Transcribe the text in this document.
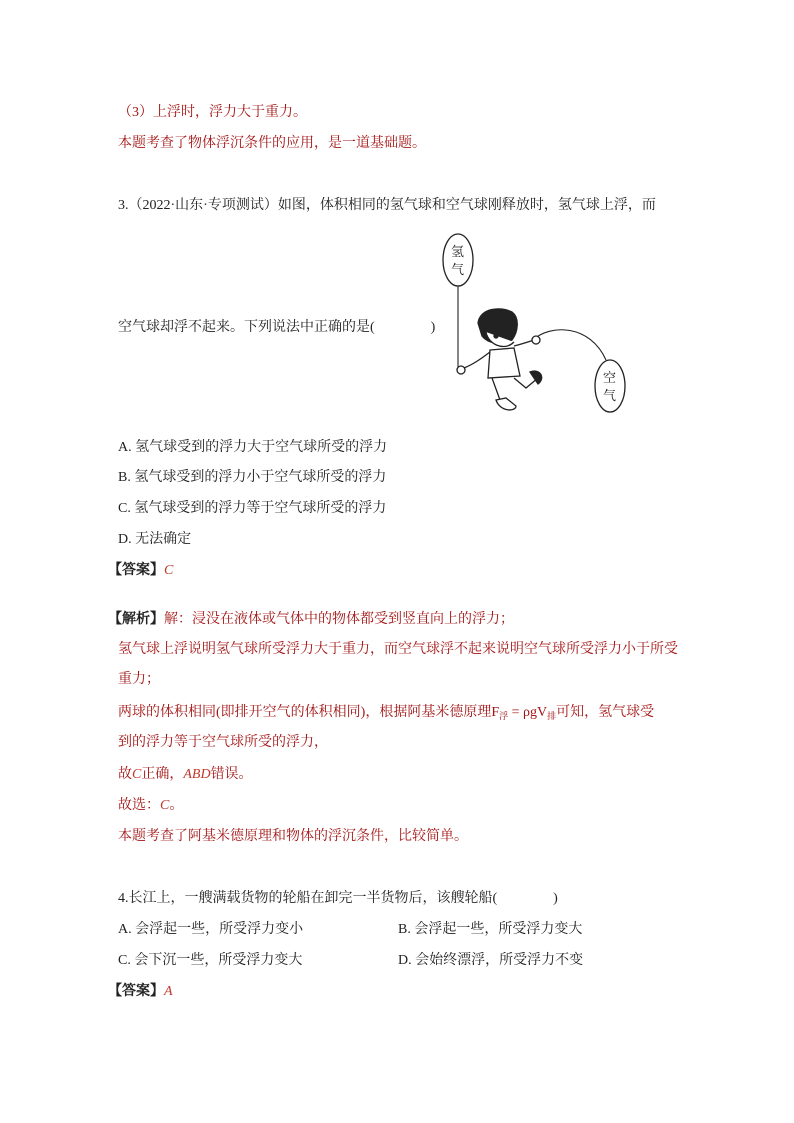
（3）上浮时，浮力大于重力。
本题考查了物体浮沉条件的应用，是一道基础题。
3.（2022·山东·专项测试）如图，体积相同的氢气球和空气球刚释放时，氢气球上浮，而
氢
气
空
气
空气球却浮不起来。下列说法中正确的是(　　　　)
A. 氢气球受到的浮力大于空气球所受的浮力
B. 氢气球受到的浮力小于空气球所受的浮力
C. 氢气球受到的浮力等于空气球所受的浮力
D. 无法确定
【答案】C
【解析】解：浸没在液体或气体中的物体都受到竖直向上的浮力；
氢气球上浮说明氢气球所受浮力大于重力，而空气球浮不起来说明空气球所受浮力小于所受
重力；
两球的体积相同(即排开空气的体积相同)，根据阿基米德原理$F_浮 = \rho gV_排$可知，氢气球受
到的浮力等于空气球所受的浮力，
故C正确，ABD错误。
故选：C。
本题考查了阿基米德原理和物体的浮沉条件，比较简单。
4.长江上，一艘满载货物的轮船在卸完一半货物后，该艘轮船(　　　　)
A. 会浮起一些，所受浮力变小	B. 会浮起一些，所受浮力变大
C. 会下沉一些，所受浮力变大	D. 会始终漂浮，所受浮力不变
【答案】A
